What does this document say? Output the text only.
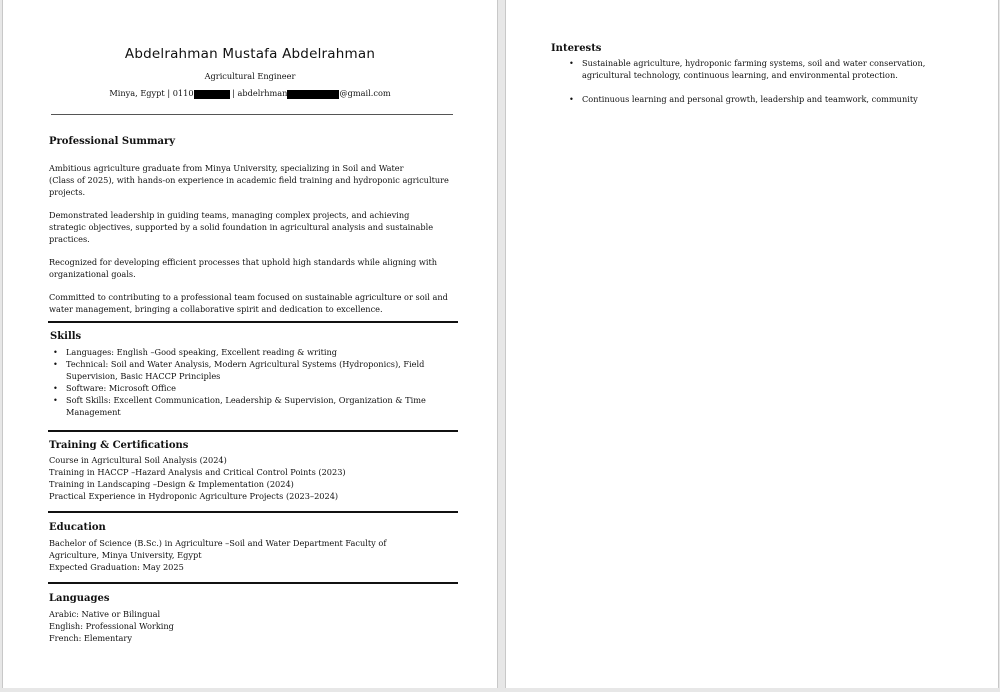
Abdelrahman Mustafa Abdelrahman
Agricultural Engineer
Minya, Egypt | 0110	| abdelrhman	@gmail.com
Professional Summary
Ambitious agriculture graduate from Minya University, specializing in Soil and Water
(Class of 2025), with hands-on experience in academic field training and hydroponic agriculture
projects.
Demonstrated leadership in guiding teams, managing complex projects, and achieving
strategic objectives, supported by a solid foundation in agricultural analysis and sustainable
practices.
Recognized for developing efficient processes that uphold high standards while aligning with
organizational goals.
Committed to contributing to a professional team focused on sustainable agriculture or soil and
water management, bringing a collaborative spirit and dedication to excellence.
Skills
• Languages: English –Good speaking, Excellent reading & writing
• Technical: Soil and Water Analysis, Modern Agricultural Systems (Hydroponics), Field
Supervision, Basic HACCP Principles
• Software: Microsoft Office
• Soft Skills: Excellent Communication, Leadership & Supervision, Organization & Time
Management
Training & Certifications
Course in Agricultural Soil Analysis (2024)
Training in HACCP –Hazard Analysis and Critical Control Points (2023)
Training in Landscaping –Design & Implementation (2024)
Practical Experience in Hydroponic Agriculture Projects (2023–2024)
Education
Bachelor of Science (B.Sc.) in Agriculture –Soil and Water Department Faculty of
Agriculture, Minya University, Egypt
Expected Graduation: May 2025
Languages
Arabic: Native or Bilingual
English: Professional Working
French: Elementary
Interests
• Sustainable agriculture, hydroponic farming systems, soil and water conservation,
agricultural technology, continuous learning, and environmental protection.
• Continuous learning and personal growth, leadership and teamwork, community
